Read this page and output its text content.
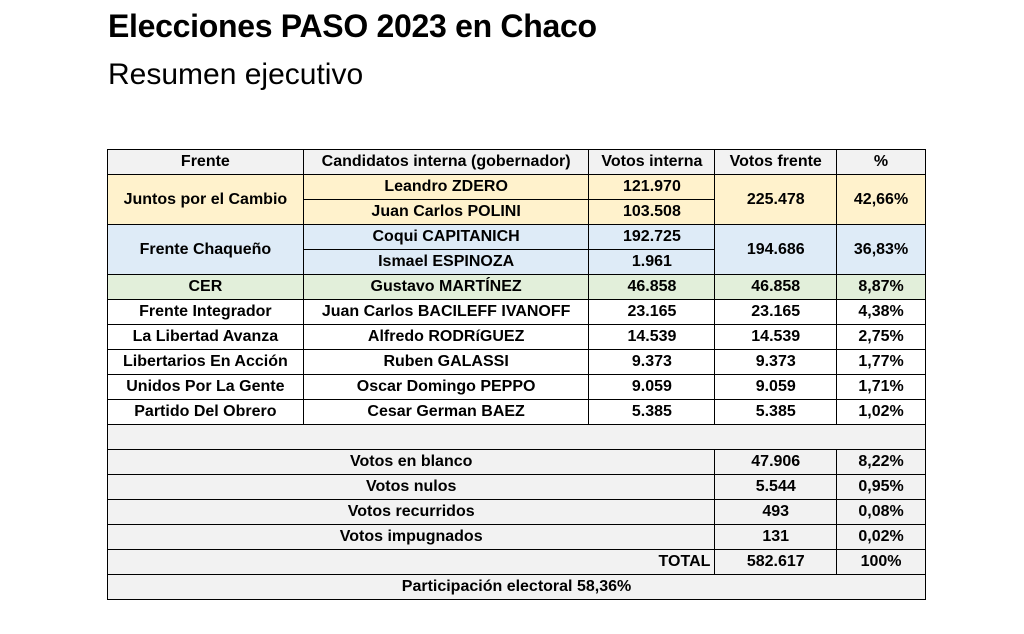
Elecciones PASO 2023 en Chaco
Resumen ejecutivo
Frente	Candidatos interna (gobernador)	Votos interna	Votos frente	%
Juntos por el Cambio	Leandro ZDERO	121.970	225.478	42,66%
	Juan Carlos POLINI	103.508		
Frente Chaqueño	Coqui CAPITANICH	192.725	194.686	36,83%
	Ismael ESPINOZA	1.961		
CER	Gustavo MARTÍNEZ	46.858	46.858	8,87%
Frente Integrador	Juan Carlos BACILEFF IVANOFF	23.165	23.165	4,38%
La Libertad Avanza	Alfredo RODRíGUEZ	14.539	14.539	2,75%
Libertarios En Acción	Ruben GALASSI	9.373	9.373	1,77%
Unidos Por La Gente	Oscar Domingo PEPPO	9.059	9.059	1,71%
Partido Del Obrero	Cesar German BAEZ	5.385	5.385	1,02%

Votos en blanco			47.906	8,22%
Votos nulos			5.544	0,95%
Votos recurridos			493	0,08%
Votos impugnados			131	0,02%
TOTAL			582.617	100%
Participación electoral 58,36%				
